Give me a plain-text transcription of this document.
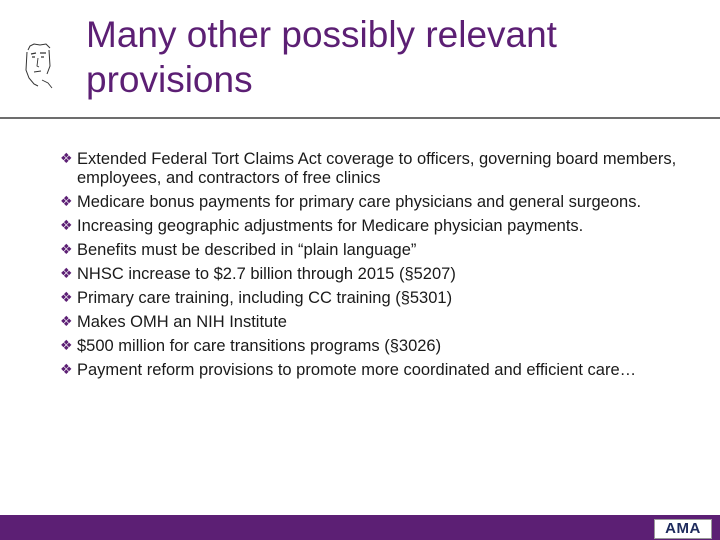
Many other possibly relevant provisions
❖ Extended Federal Tort Claims Act coverage to officers, governing board members, employees, and contractors of free clinics
❖ Medicare bonus payments for primary care physicians and general surgeons.
❖ Increasing geographic adjustments for Medicare physician payments.
❖ Benefits must be described in “plain language”
❖ NHSC increase to $2.7 billion through 2015 (§5207)
❖ Primary care training, including CC training (§5301)
❖ Makes OMH an NIH Institute
❖ $500 million for care transitions programs (§3026)
❖ Payment reform provisions to promote more coordinated and efficient care…
AMA
